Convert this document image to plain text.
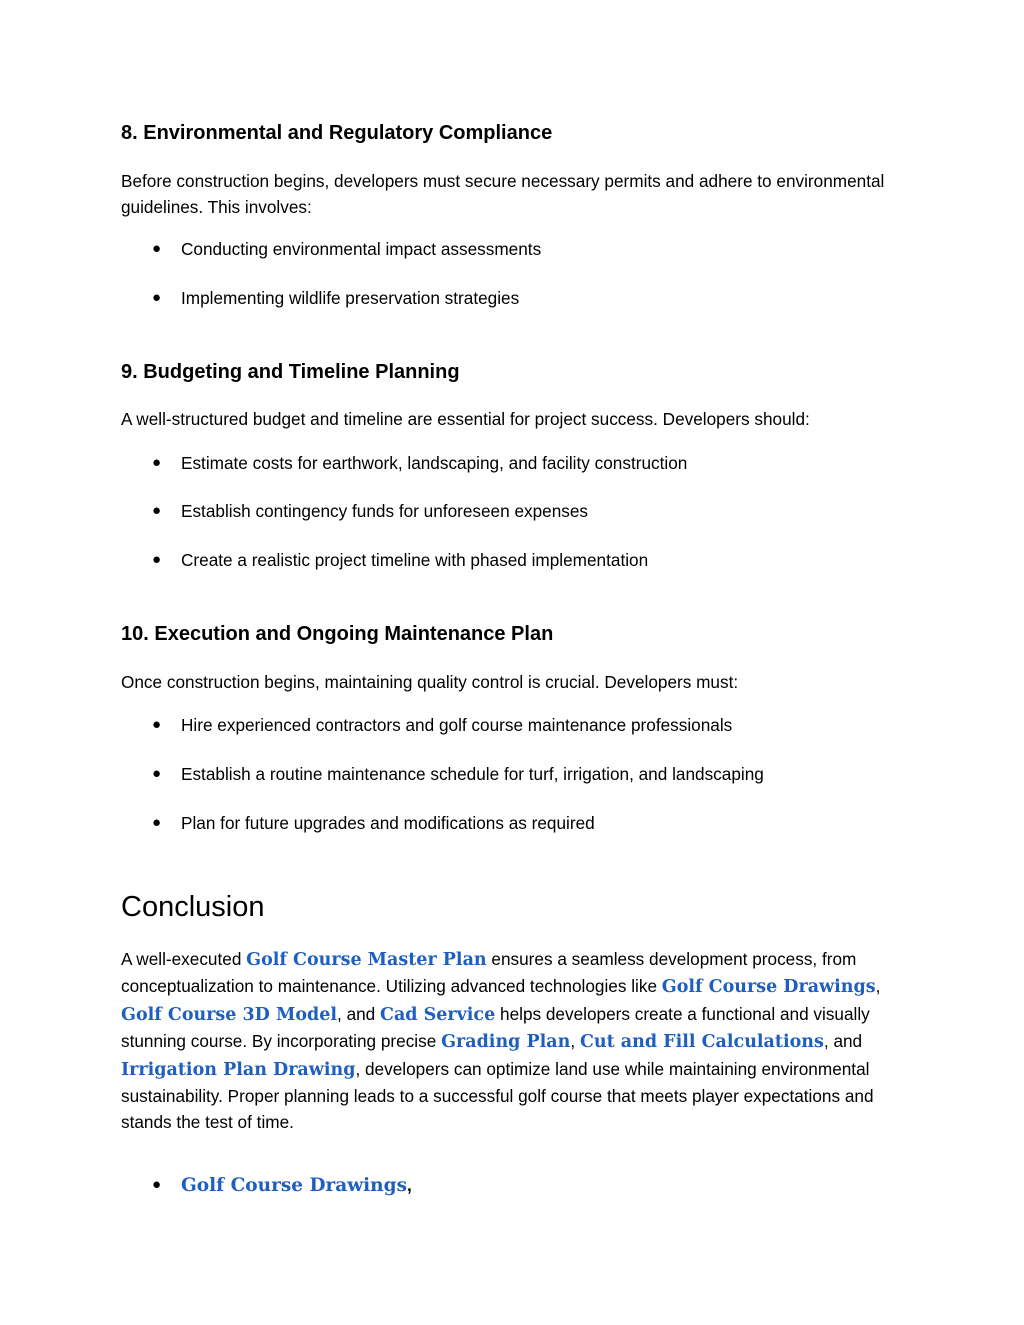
8. Environmental and Regulatory Compliance

Before construction begins, developers must secure necessary permits and adhere to environmental guidelines. This involves:

● Conducting environmental impact assessments
● Implementing wildlife preservation strategies
9. Budgeting and Timeline Planning

A well-structured budget and timeline are essential for project success. Developers should:

● Estimate costs for earthwork, landscaping, and facility construction
● Establish contingency funds for unforeseen expenses
● Create a realistic project timeline with phased implementation
10. Execution and Ongoing Maintenance Plan

Once construction begins, maintaining quality control is crucial. Developers must:

● Hire experienced contractors and golf course maintenance professionals
● Establish a routine maintenance schedule for turf, irrigation, and landscaping
● Plan for future upgrades and modifications as required
Conclusion

A well-executed Golf Course Master Plan ensures a seamless development process, from conceptualization to maintenance. Utilizing advanced technologies like Golf Course Drawings, Golf Course 3D Model, and Cad Service helps developers create a functional and visually stunning course. By incorporating precise Grading Plan, Cut and Fill Calculations, and Irrigation Plan Drawing, developers can optimize land use while maintaining environmental sustainability. Proper planning leads to a successful golf course that meets player expectations and stands the test of time.

● Golf Course Drawings,
